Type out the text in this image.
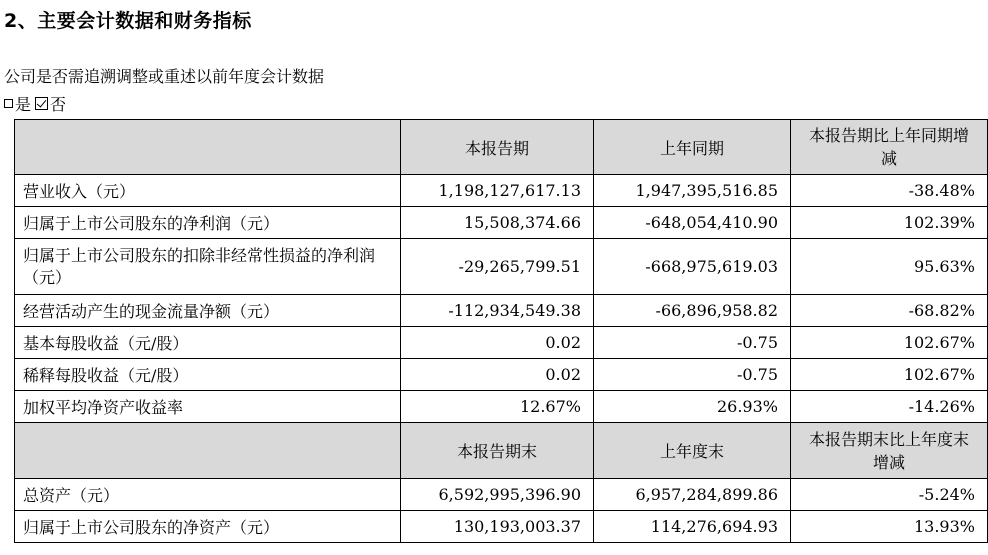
2、主要会计数据和财务指标
公司是否需追溯调整或重述以前年度会计数据
是 否
	本报告期	上年同期	本报告期比上年同期增减

营业收入（元）	1,198,127,617.13	1,947,395,516.85	-38.48%
归属于上市公司股东的净利润（元）	15,508,374.66	-648,054,410.90	102.39%

归属于上市公司股东的扣除非经常性损益的净利润（元）	-29,265,799.51	-668,975,619.03	95.63%
经营活动产生的现金流量净额（元）	-112,934,549.38	-66,896,958.82	-68.82%
基本每股收益（元/股）	0.02	-0.75	102.67%
稀释每股收益（元/股）	0.02	-0.75	102.67%
加权平均净资产收益率	12.67%	26.93%	-14.26%
	本报告期末	上年度末	本报告期末比上年度末增减

总资产（元）	6,592,995,396.90	6,957,284,899.86	-5.24%
归属于上市公司股东的净资产（元）	130,193,003.37	114,276,694.93	13.93%
